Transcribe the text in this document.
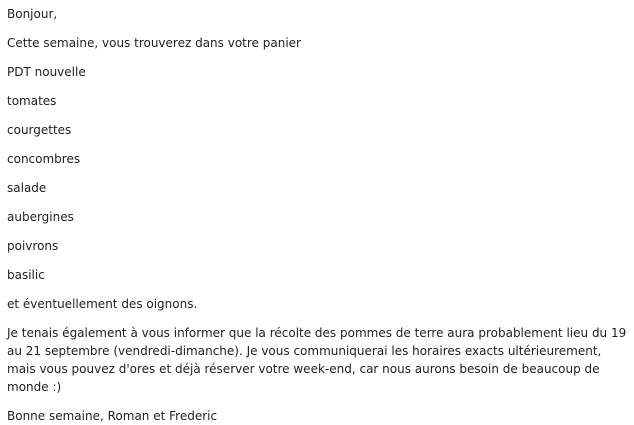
Bonjour,

Cette semaine, vous trouverez dans votre panier

PDT nouvelle

tomates

courgettes

concombres

salade

aubergines

poivrons

basilic

et éventuellement des oignons.

Je tenais également à vous informer que la récolte des pommes de terre aura probablement lieu du 19 au 21 septembre (vendredi-dimanche). Je vous communiquerai les horaires exacts ultérieurement, mais vous pouvez d'ores et déjà réserver votre week-end, car nous aurons besoin de beaucoup de monde :)

Bonne semaine, Roman et Frederic
